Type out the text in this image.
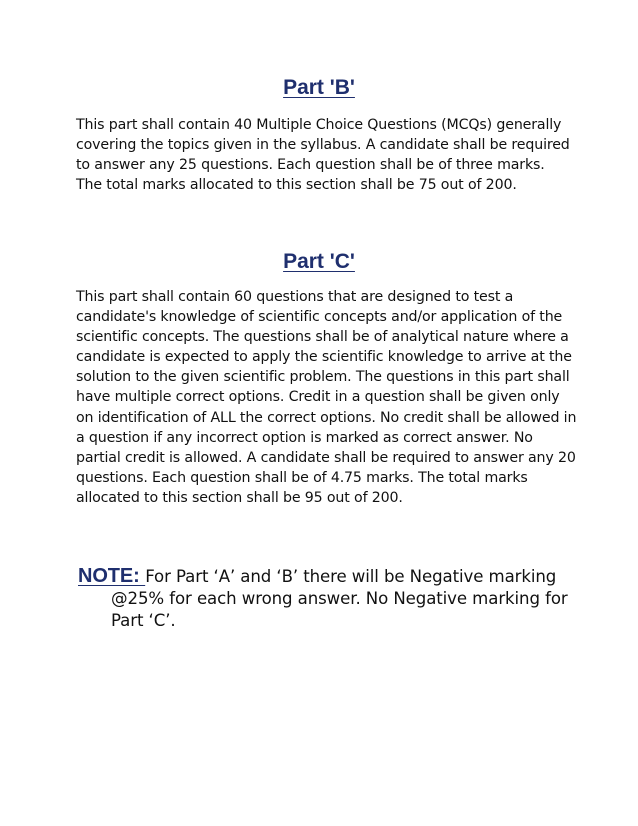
Part 'B'

This part shall contain 40 Multiple Choice Questions (MCQs) generally
covering the topics given in the syllabus. A candidate shall be required
to answer any 25 questions. Each question shall be of three marks.
The total marks allocated to this section shall be 75 out of 200.

Part 'C'

This part shall contain 60 questions that are designed to test a
candidate's knowledge of scientific concepts and/or application of the
scientific concepts. The questions shall be of analytical nature where a
candidate is expected to apply the scientific knowledge to arrive at the
solution to the given scientific problem. The questions in this part shall
have multiple correct options. Credit in a question shall be given only
on identification of ALL the correct options. No credit shall be allowed in
a question if any incorrect option is marked as correct answer. No
partial credit is allowed. A candidate shall be required to answer any 20
questions. Each question shall be of 4.75 marks. The total marks
allocated to this section shall be 95 out of 200.

NOTE: For Part ‘A’ and ‘B’ there will be Negative marking
@25% for each wrong answer. No Negative marking for
Part ‘C’.
